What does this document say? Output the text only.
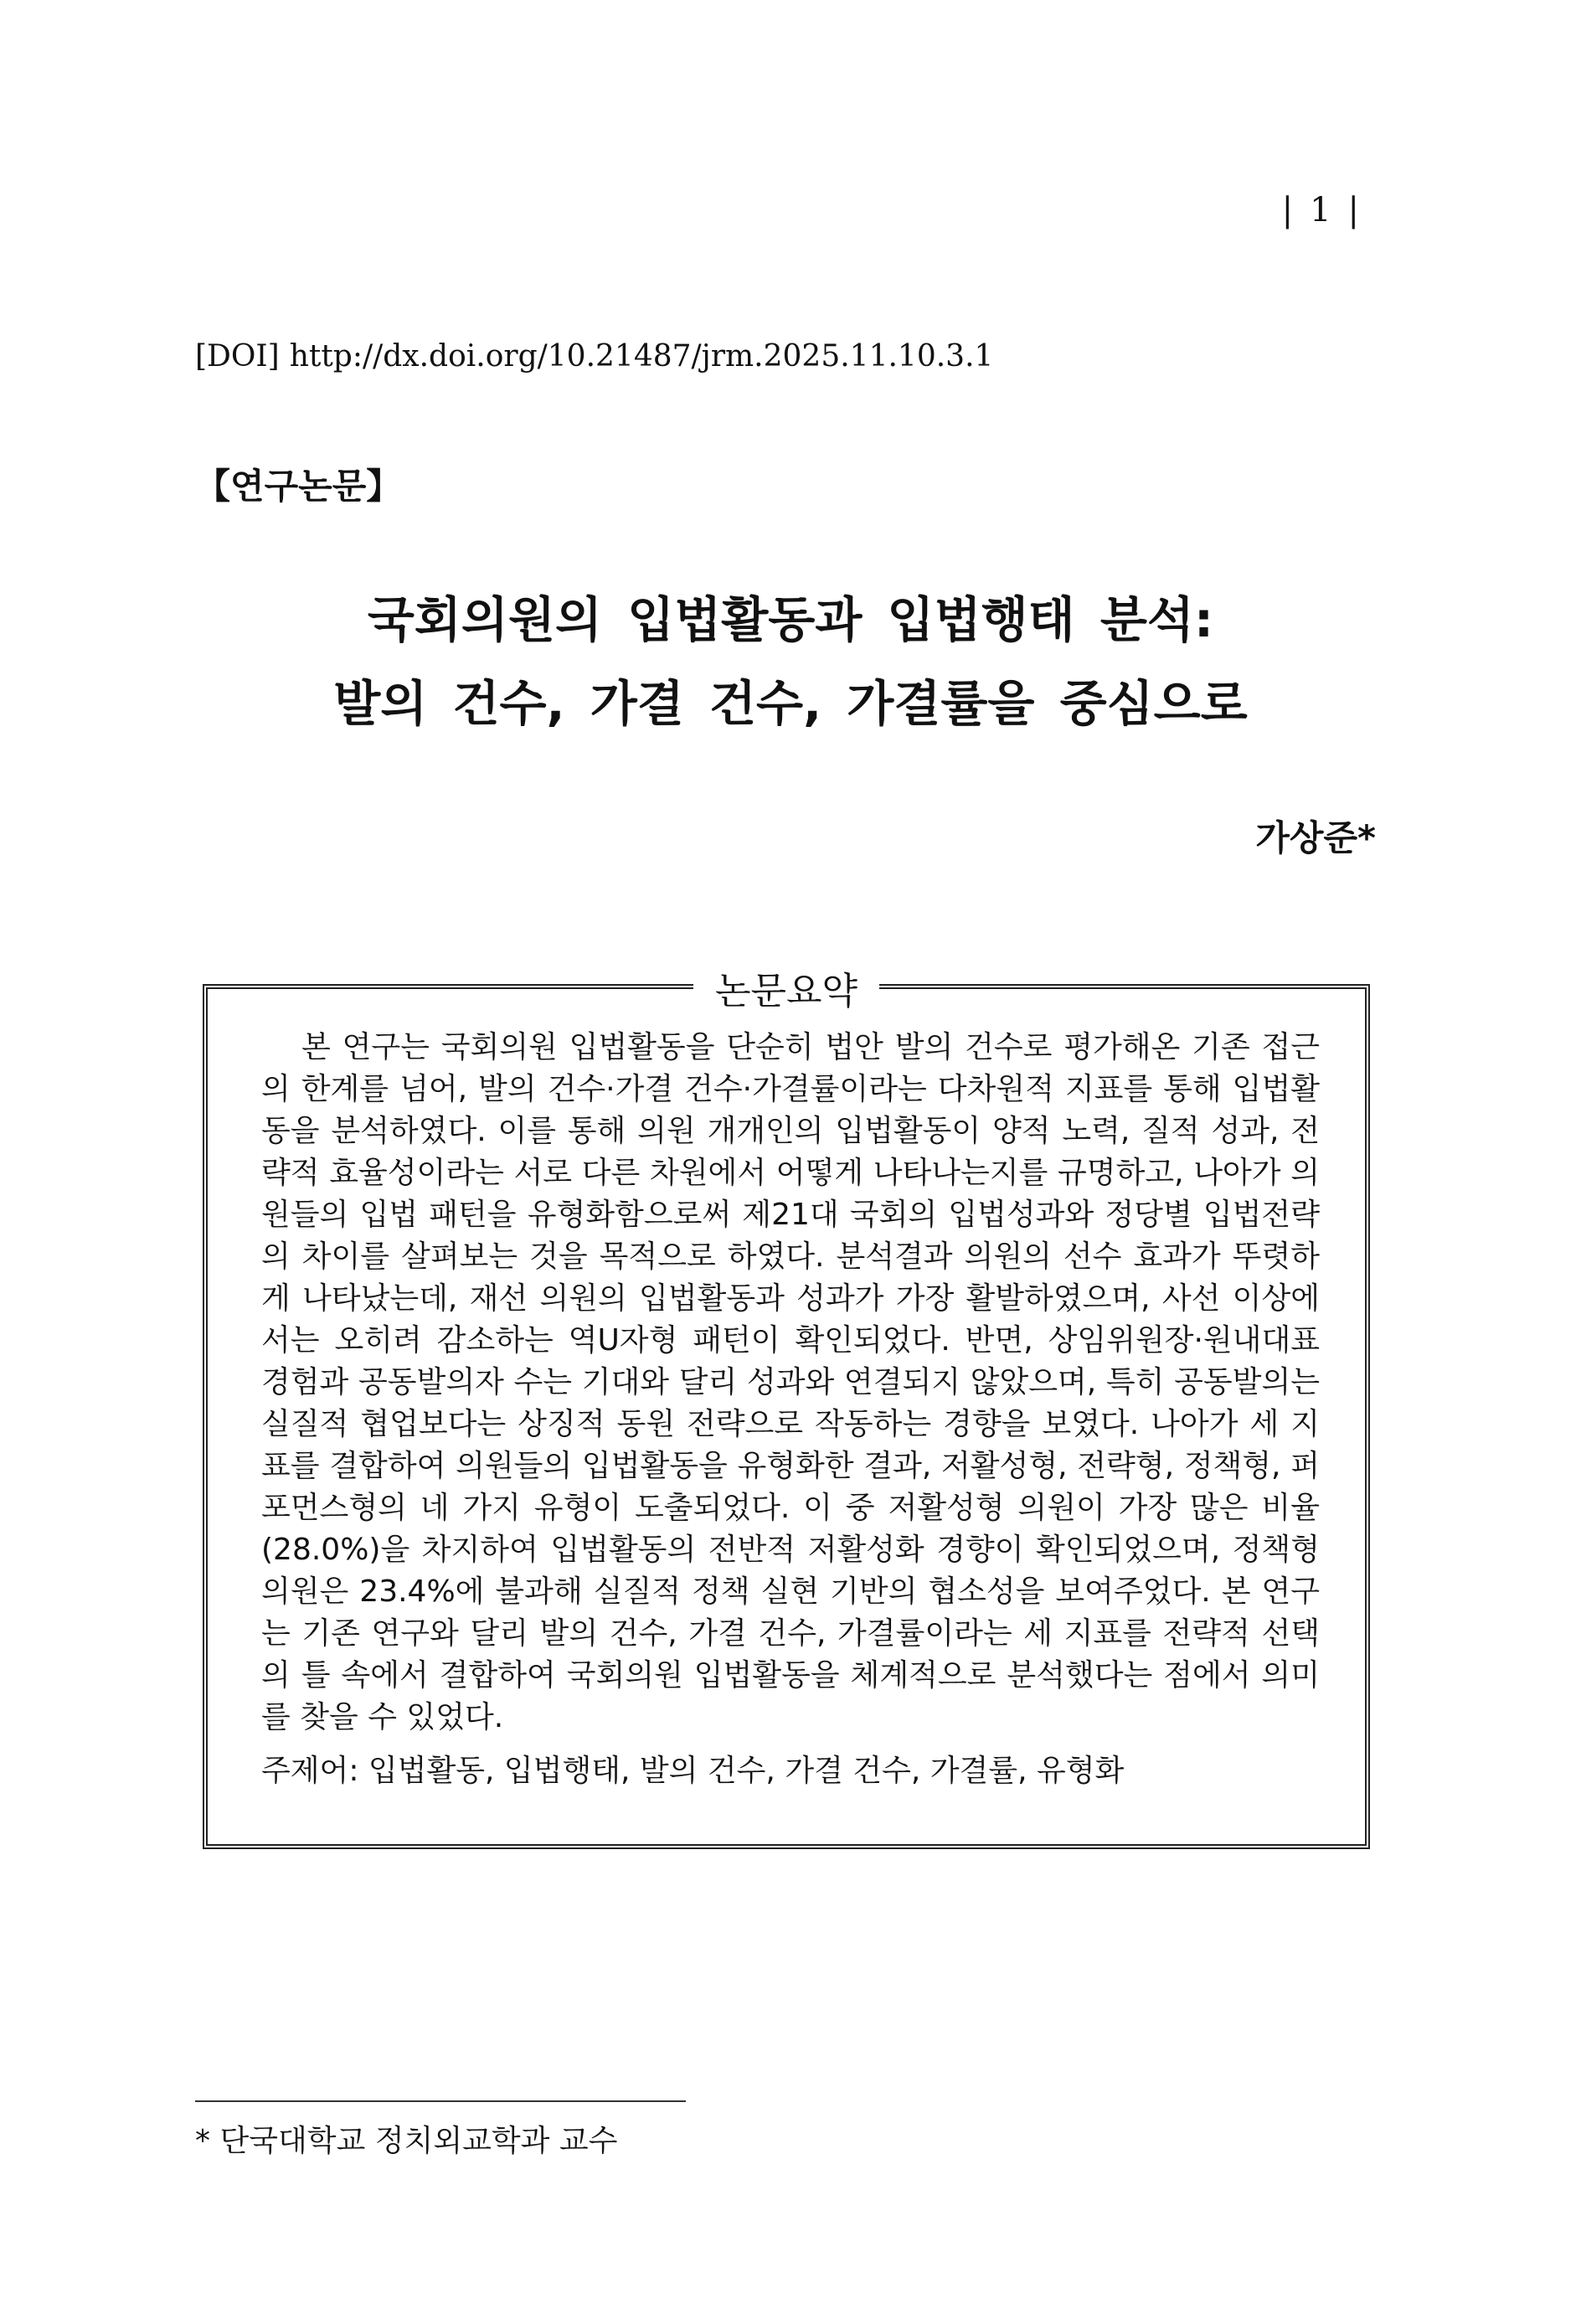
| 1 |
[DOI] http://dx.doi.org/10.21487/jrm.2025.11.10.3.1
【연구논문】
국회의원의 입법활동과 입법행태 분석:
발의 건수, 가결 건수, 가결률을 중심으로
가상준*
논문요약
본 연구는 국회의원 입법활동을 단순히 법안 발의 건수로 평가해온 기존 접근의 한계를 넘어, 발의 건수·가결 건수·가결률이라는 다차원적 지표를 통해 입법활동을 분석하였다. 이를 통해 의원 개개인의 입법활동이 양적 노력, 질적 성과, 전략적 효율성이라는 서로 다른 차원에서 어떻게 나타나는지를 규명하고, 나아가 의원들의 입법 패턴을 유형화함으로써 제21대 국회의 입법성과와 정당별 입법전략의 차이를 살펴보는 것을 목적으로 하였다. 분석결과 의원의 선수 효과가 뚜렷하게 나타났는데, 재선 의원의 입법활동과 성과가 가장 활발하였으며, 사선 이상에서는 오히려 감소하는 역U자형 패턴이 확인되었다. 반면, 상임위원장·원내대표 경험과 공동발의자 수는 기대와 달리 성과와 연결되지 않았으며, 특히 공동발의는 실질적 협업보다는 상징적 동원 전략으로 작동하는 경향을 보였다. 나아가 세 지표를 결합하여 의원들의 입법활동을 유형화한 결과, 저활성형, 전략형, 정책형, 퍼포먼스형의 네 가지 유형이 도출되었다. 이 중 저활성형 의원이 가장 많은 비율(28.0%)을 차지하여 입법활동의 전반적 저활성화 경향이 확인되었으며, 정책형 의원은 23.4%에 불과해 실질적 정책 실현 기반의 협소성을 보여주었다. 본 연구는 기존 연구와 달리 발의 건수, 가결 건수, 가결률이라는 세 지표를 전략적 선택의 틀 속에서 결합하여 국회의원 입법활동을 체계적으로 분석했다는 점에서 의미를 찾을 수 있었다.
주제어: 입법활동, 입법행태, 발의 건수, 가결 건수, 가결률, 유형화
* 단국대학교 정치외교학과 교수
